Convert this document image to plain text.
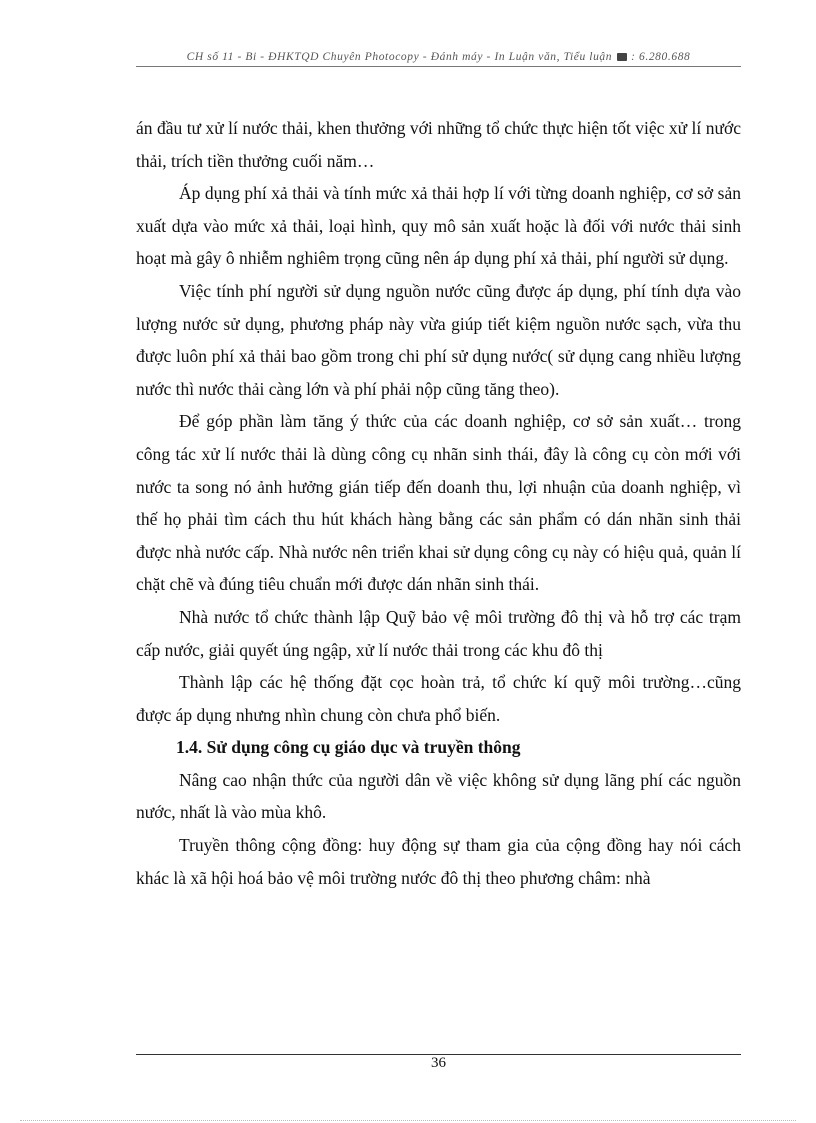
CH số 11 - Bi - ĐHKTQD Chuyên Photocopy - Đánh máy - In Luận văn, Tiểu luận : 6.280.688

án đầu tư xử lí nước thải, khen thưởng với những tổ chức thực hiện tốt việc xử lí nước thải, trích tiền thưởng cuối năm…

Áp dụng phí xả thải và tính mức xả thải hợp lí với từng doanh nghiệp, cơ sở sản xuất dựa vào mức xả thải, loại hình, quy mô sản xuất hoặc là đối với nước thải sinh hoạt mà gây ô nhiễm nghiêm trọng cũng nên áp dụng phí xả thải, phí người sử dụng.

Việc tính phí người sử dụng nguồn nước cũng được áp dụng, phí tính dựa vào lượng nước sử dụng, phương pháp này vừa giúp tiết kiệm nguồn nước sạch, vừa thu được luôn phí xả thải bao gồm trong chi phí sử dụng nước( sử dụng cang nhiều lượng nước thì nước thải càng lớn và phí phải nộp cũng tăng theo).

Để góp phần làm tăng ý thức của các doanh nghiệp, cơ sở sản xuất… trong công tác xử lí nước thải là dùng công cụ nhãn sinh thái, đây là công cụ còn mới với nước ta song nó ảnh hưởng gián tiếp đến doanh thu, lợi nhuận của doanh nghiệp, vì thế họ phải tìm cách thu hút khách hàng bằng các sản phẩm có dán nhãn sinh thải được nhà nước cấp. Nhà nước nên triển khai sử dụng công cụ này có hiệu quả, quản lí chặt chẽ và đúng tiêu chuẩn mới được dán nhãn sinh thái.

Nhà nước tổ chức thành lập Quỹ bảo vệ môi trường đô thị và hỗ trợ các trạm cấp nước, giải quyết úng ngập, xử lí nước thải trong các khu đô thị

Thành lập các hệ thống đặt cọc hoàn trả, tổ chức kí quỹ môi trường…cũng được áp dụng nhưng nhìn chung còn chưa phổ biến.

1.4. Sử dụng công cụ giáo dục và truyền thông

Nâng cao nhận thức của người dân về việc không sử dụng lãng phí các nguồn nước, nhất là vào mùa khô.

Truyền thông cộng đồng: huy động sự tham gia của cộng đồng hay nói cách khác là xã hội hoá bảo vệ môi trường nước đô thị theo phương châm: nhà

36
